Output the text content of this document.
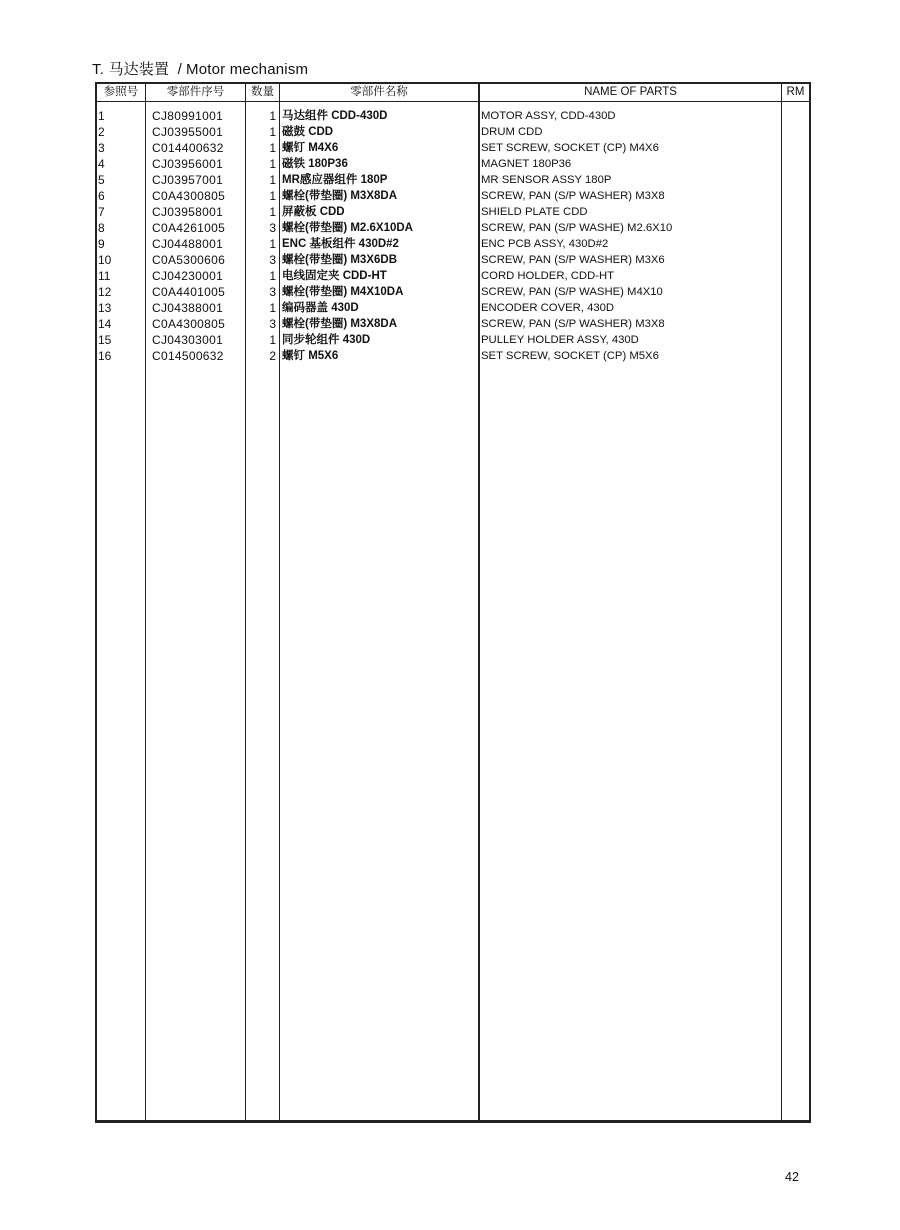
T. 马达装置 / Motor mechanism
参照号	零部件序号	数量	零部件名称	NAME OF PARTS	RM
1	CJ80991001	1 马达组件 CDD-430D	MOTOR ASSY, CDD-430D
2	CJ03955001	1 磁鼓 CDD	DRUM CDD
3	C014400632	1 螺钉 M4X6	SET SCREW, SOCKET (CP) M4X6
4	CJ03956001	1 磁铁 180P36	MAGNET 180P36
5	CJ03957001	1 MR感应器组件 180P	MR SENSOR ASSY 180P
6	C0A4300805	1 螺栓(带垫圈) M3X8DA	SCREW, PAN (S/P WASHER) M3X8
7	CJ03958001	1 屏蔽板 CDD	SHIELD PLATE CDD
8	C0A4261005	3 螺栓(带垫圈) M2.6X10DA	SCREW, PAN (S/P WASHE) M2.6X10
9	CJ04488001	1 ENC 基板组件 430D#2	ENC PCB ASSY, 430D#2
10	C0A5300606	3 螺栓(带垫圈) M3X6DB	SCREW, PAN (S/P WASHER) M3X6
11	CJ04230001	1 电线固定夹 CDD-HT	CORD HOLDER, CDD-HT
12	C0A4401005	3 螺栓(带垫圈) M4X10DA	SCREW, PAN (S/P WASHE) M4X10
13	CJ04388001	1 编码器盖 430D	ENCODER COVER, 430D
14	C0A4300805	3 螺栓(带垫圈) M3X8DA	SCREW, PAN (S/P WASHER) M3X8
15	CJ04303001	1 同步轮组件 430D	PULLEY HOLDER ASSY, 430D
16	C014500632	2 螺钉 M5X6	SET SCREW, SOCKET (CP) M5X6
42
